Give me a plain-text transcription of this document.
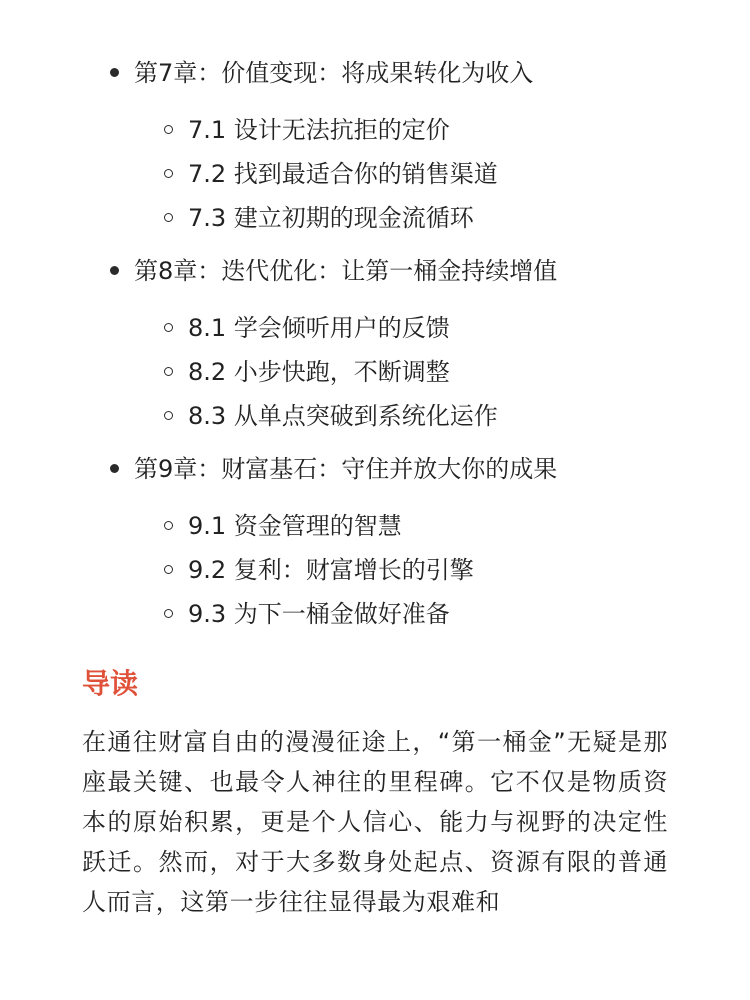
第7章：价值变现：将成果转化为收入
7.1 设计无法抗拒的定价
7.2 找到最适合你的销售渠道
7.3 建立初期的现金流循环
第8章：迭代优化：让第一桶金持续增值
8.1 学会倾听用户的反馈
8.2 小步快跑，不断调整
8.3 从单点突破到系统化运作
第9章：财富基石：守住并放大你的成果
9.1 资金管理的智慧
9.2 复利：财富增长的引擎
9.3 为下一桶金做好准备
导读

在通往财富自由的漫漫征途上，“第一桶金”无疑是那座最关键、也最令人神往的里程碑。它不仅是物质资本的原始积累，更是个人信心、能力与视野的决定性跃迁。然而，对于大多数身处起点、资源有限的普通人而言，这第一步往往显得最为艰难和
